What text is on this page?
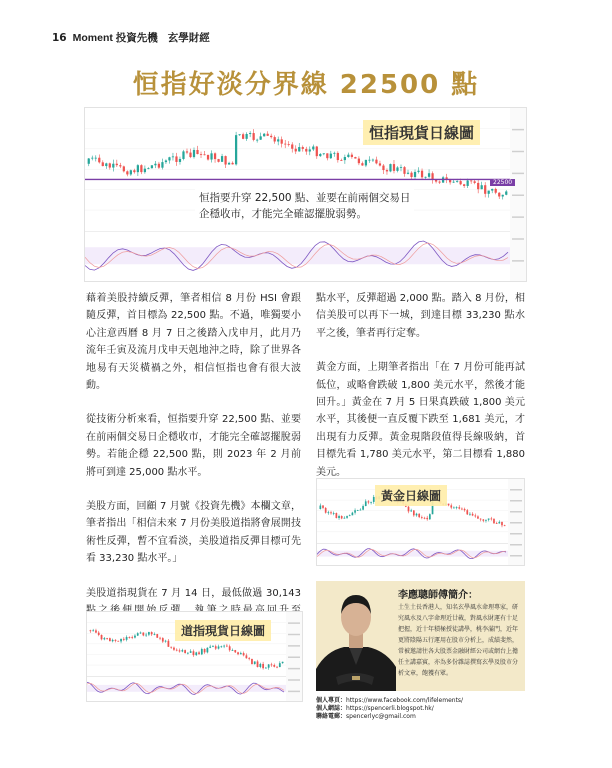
16 Moment 投資先機 玄學財經
恒指好淡分界線 22500 點
恒指現貨日線圖
22500
恒指要升穿 22,500 點、並要在前兩個交易日
企穩收市，才能完全確認擺脫弱勢。

藉着美股持續反彈，筆者相信 8 月份 HSI 會跟隨反彈，首目標為 22,500 點。不過，唯獨要小心注意西曆 8 月 7 日之後踏入戊申月，此月乃流年壬寅及流月戊申天剋地沖之時，除了世界各地易有天災橫禍之外，相信恒指也會有很大波動。

從技術分析來看，恒指要升穿 22,500 點、並要在前兩個交易日企穩收市，才能完全確認擺脫弱勢。若能企穩 22,500 點，則 2023 年 2 月前將可到達 25,000 點水平。

美股方面，回顧 7 月號《投資先機》本欄文章，筆者指出「相信未來 7 月份美股道指將會展開技術性反彈，暫不宜看淡，美股道指反彈目標可先看 33,230 點水平。」

美股道指現貨在 7 月 14 日，最低做過 30,143

點水平，反彈超過 2,000 點。踏入 8 月份，相信美股可以再下一城，到達目標 33,230 點水平之後，筆者再行定奪。

黃金方面，上期筆者指出「在 7 月份可能再試低位，或略會跌破 1,800 美元水平，然後才能回升。」黃金在 7 月 5 日果真跌破 1,800 美元水平，其後便一直反覆下跌至 1,681 美元，才出現有力反彈。黃金現階段值得長線吸納，首目標先看 1,780 美元水平，第二目標看 1,880 美元。

黃金日線圖
道指現貨日線圖
李應聰師傅簡介：
土生土長香港人，知名玄學風水命理專家，研究風水及八字命理近廿載，對風水財運有十足把握，近十年積極授徒講學，桃李滿門，近年更將陰陽五行運用在股市分析上，成績斐然，常被邀請往各大股票金融財經公司或網台上擔任主講嘉賓，亦為多份雜誌撰寫玄學及股市分析文章，飽獲有眾。
個人專頁：https://www.facebook.com/lifelements/
個人網誌：https://spencerli.blogspot.hk/
聯絡電郵：spencerlyc@gmail.com
